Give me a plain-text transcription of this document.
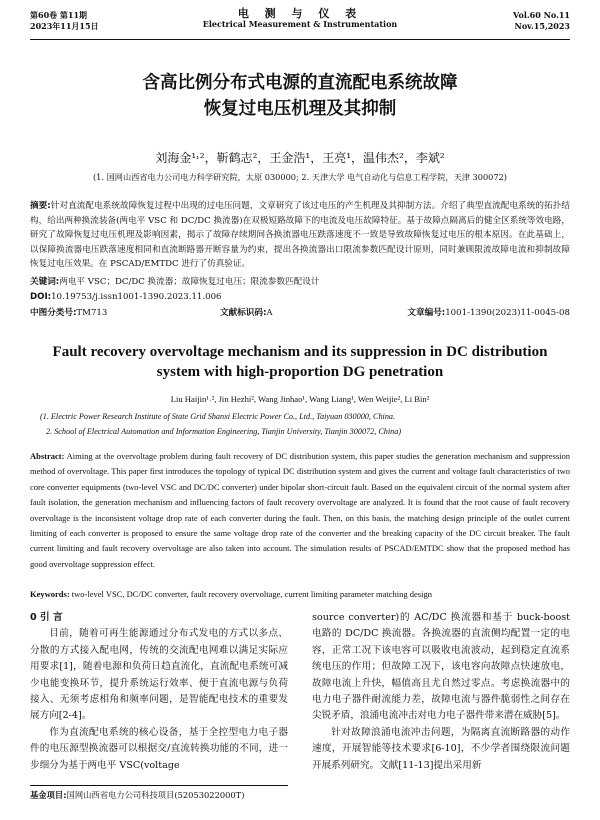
第60卷 第11期
2023年11月15日
电 测 与 仪 表
Electrical Measurement & Instrumentation
Vol.60 No.11
Nov.15,2023
含高比例分布式电源的直流配电系统故障
恢复过电压机理及其抑制
刘海金¹˒²，靳鹤志²，王金浩¹，王亮¹，温伟杰²，李斌²
(1. 国网山西省电力公司电力科学研究院，太原 030000; 2. 天津大学 电气自动化与信息工程学院，天津 300072)
摘要:针对直流配电系统故障恢复过程中出现的过电压问题，文章研究了该过电压的产生机理及其抑制方法。介绍了典型直流配电系统的拓扑结构，给出两种换流装备(两电平 VSC 和 DC/DC 换流器)在双极短路故障下的电流及电压故障特征。基于故障点隔离后的健全区系统等效电路，研究了故障恢复过电压机理及影响因素，揭示了故障存续期间各换流器电压跌落速度不一致是导致故障恢复过电压的根本原因。在此基础上，以保障换流器电压跌落速度相同和直流断路器开断容量为约束，提出各换流器出口限流参数匹配设计原则，同时兼顾限流故障电流和抑制故障恢复过电压效果。在 PSCAD/EMTDC 进行了仿真验证。
关键词:两电平 VSC；DC/DC 换流器；故障恢复过电压；限流参数匹配设计
DOI:10.19753/j.issn1001-1390.2023.11.006
中图分类号:TM713	文献标识码:A	文章编号:1001-1390(2023)11-0045-08
Fault recovery overvoltage mechanism and its suppression in DC distribution
system with high-proportion DG penetration
Liu Haijin¹˒², Jin Hezhi², Wang Jinhao¹, Wang Liang¹, Wen Weijie², Li Bin²
(1. Electric Power Research Institute of State Grid Shanxi Electric Power Co., Ltd., Taiyuan 030000, China.
2. School of Electrical Automation and Information Engineering, Tianjin University, Tianjin 300072, China)
Abstract: Aiming at the overvoltage problem during fault recovery of DC distribution system, this paper studies the generation mechanism and suppression method of overvoltage. This paper first introduces the topology of typical DC distribution system and gives the current and voltage fault characteristics of two core converter equipments (two-level VSC and DC/DC converter) under bipolar short-circuit fault. Based on the equivalent circuit of the normal system after fault isolation, the generation mechanism and influencing factors of fault recovery overvoltage are analyzed. It is found that the root cause of fault recovery overvoltage is the inconsistent voltage drop rate of each converter during the fault. Then, on this basis, the matching design principle of the outlet current limiting of each converter is proposed to ensure the same voltage drop rate of the converter and the breaking capacity of the DC circuit breaker. The fault current limiting and fault recovery overvoltage are also taken into account. The simulation results of PSCAD/EMTDC show that the proposed method has good overvoltage suppression effect.
Keywords: two-level VSC, DC/DC converter, fault recovery overvoltage, current limiting parameter matching design
0 引 言
目前，随着可再生能源通过分布式发电的方式以多点、分散的方式接入配电网，传统的交流配电网难以满足实际应用要求[1]，随着电源和负荷日趋直流化，直流配电系统可减少电能变换环节，提升系统运行效率、便于直流电源与负荷接入、无须考虑相角和频率问题，是智能配电技术的重要发展方向[2-4]。
作为直流配电系统的核心设备，基于全控型电力电子器件的电压源型换流器可以根据交/直流转换功能的不同，进一步细分为基于两电平 VSC(voltage
source converter)的 AC/DC 换流器和基于 buck-boost 电路的 DC/DC 换流器。各换流器的直流侧均配置一定的电容，正常工况下该电容可以吸收电流波动，起到稳定直流系统电压的作用；但故障工况下，该电容向故障点快速放电，故障电流上升快，幅值高且尤自然过零点。考虑换流器中的电力电子器件耐流能力差，故障电流与器件脆弱性之间存在尖锐矛盾，浪涌电流冲击对电力电子器件带来潜在威胁[5]。
针对故障浪涌电流冲击问题，为隔离直流断路器的动作速度，开展智能等技术要求[6-10]，不少学者围绕限流问题开展系列研究。文献[11-13]提出采用新
基金项目:国网山西省电力公司科技项目(52053022000T)
